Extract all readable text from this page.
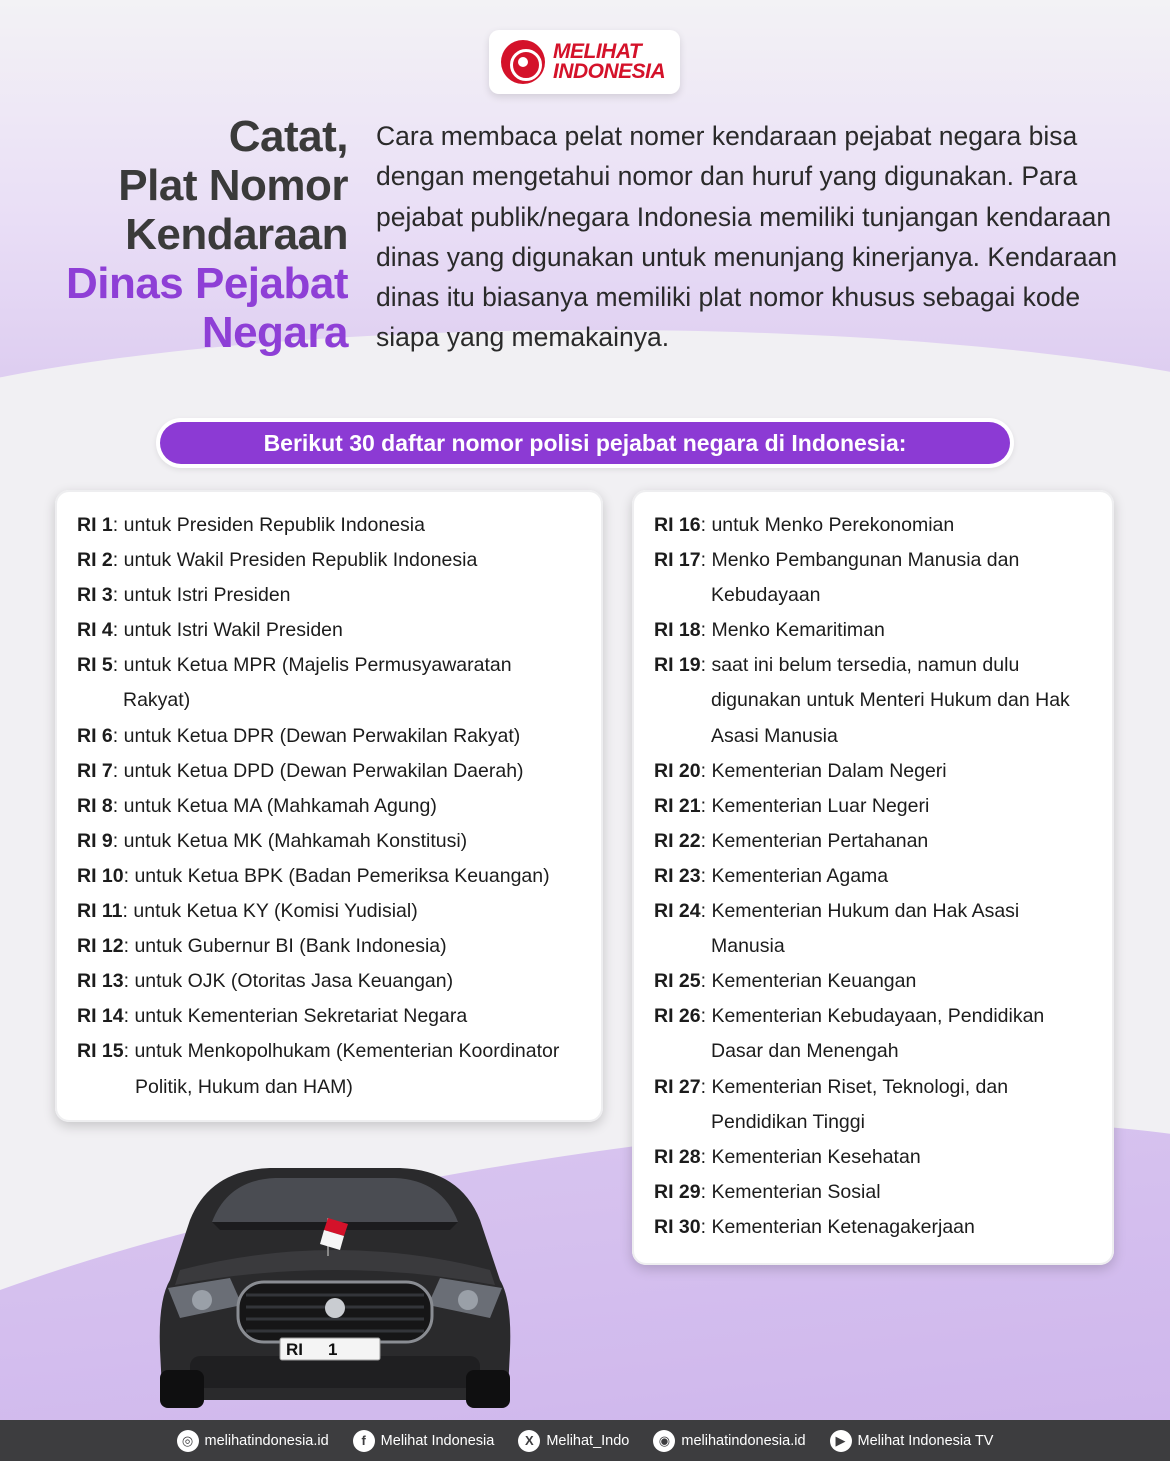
MELIHAT
INDONESIA
Catat,
Plat Nomor
Kendaraan
Dinas Pejabat
Negara

Cara membaca pelat nomer kendaraan pejabat negara bisa dengan mengetahui nomor dan huruf yang digunakan. Para pejabat publik/negara Indonesia memiliki tunjangan kendaraan dinas yang digunakan untuk menunjang kinerjanya. Kendaraan dinas itu biasanya memiliki plat nomor khusus sebagai kode siapa yang memakainya.

Berikut 30 daftar nomor polisi pejabat negara di Indonesia:
RI 1: untuk Presiden Republik Indonesia
RI 2: untuk Wakil Presiden Republik Indonesia
RI 3: untuk Istri Presiden
RI 4: untuk Istri Wakil Presiden
RI 5: untuk Ketua MPR (Majelis Permusyawaratan Rakyat)
RI 6: untuk Ketua DPR (Dewan Perwakilan Rakyat)
RI 7: untuk Ketua DPD (Dewan Perwakilan Daerah)
RI 8: untuk Ketua MA (Mahkamah Agung)
RI 9: untuk Ketua MK (Mahkamah Konstitusi)
RI 10: untuk Ketua BPK (Badan Pemeriksa Keuangan)
RI 11: untuk Ketua KY (Komisi Yudisial)
RI 12: untuk Gubernur BI (Bank Indonesia)
RI 13: untuk OJK (Otoritas Jasa Keuangan)
RI 14: untuk Kementerian Sekretariat Negara
RI 15: untuk Menkopolhukam (Kementerian Koordinator Politik, Hukum dan HAM)
RI 16: untuk Menko Perekonomian
RI 17: Menko Pembangunan Manusia dan Kebudayaan
RI 18: Menko Kemaritiman
RI 19: saat ini belum tersedia, namun dulu digunakan untuk Menteri Hukum dan Hak Asasi Manusia
RI 20: Kementerian Dalam Negeri
RI 21: Kementerian Luar Negeri
RI 22: Kementerian Pertahanan
RI 23: Kementerian Agama
RI 24: Kementerian Hukum dan Hak Asasi Manusia
RI 25: Kementerian Keuangan
RI 26: Kementerian Kebudayaan, Pendidikan Dasar dan Menengah
RI 27: Kementerian Riset, Teknologi, dan Pendidikan Tinggi
RI 28: Kementerian Kesehatan
RI 29: Kementerian Sosial
RI 30: Kementerian Ketenagakerjaan
RI 1
◎ melihatindonesia.id	f	Melihat Indonesia	X Melihat_Indo	◉ melihatindonesia.id	▶ Melihat Indonesia TV
